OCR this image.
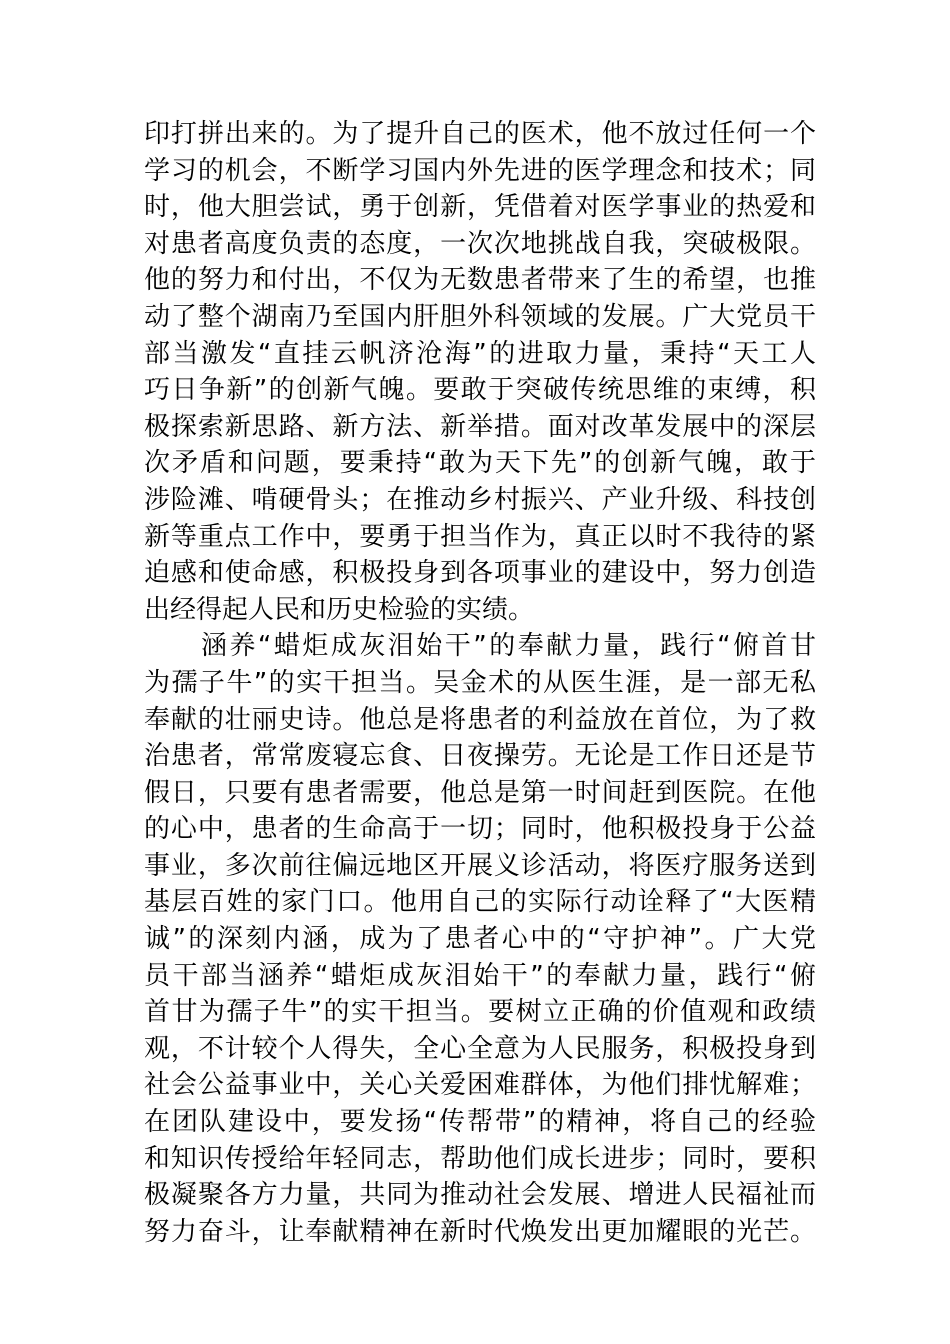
印打拼出来的。为了提升自己的医术，他不放过任何一个
学习的机会，不断学习国内外先进的医学理念和技术；同
时，他大胆尝试，勇于创新，凭借着对医学事业的热爱和
对患者高度负责的态度，一次次地挑战自我，突破极限。
他的努力和付出，不仅为无数患者带来了生的希望，也推
动了整个湖南乃至国内肝胆外科领域的发展。广大党员干
部当激发“直挂云帆济沧海”的进取力量，秉持“天工人
巧日争新”的创新气魄。要敢于突破传统思维的束缚，积
极探索新思路、新方法、新举措。面对改革发展中的深层
次矛盾和问题，要秉持“敢为天下先”的创新气魄，敢于
涉险滩、啃硬骨头；在推动乡村振兴、产业升级、科技创
新等重点工作中，要勇于担当作为，真正以时不我待的紧
迫感和使命感，积极投身到各项事业的建设中，努力创造
出经得起人民和历史检验的实绩。
　　涵养“蜡炬成灰泪始干”的奉献力量，践行“俯首甘
为孺子牛”的实干担当。吴金术的从医生涯，是一部无私
奉献的壮丽史诗。他总是将患者的利益放在首位，为了救
治患者，常常废寝忘食、日夜操劳。无论是工作日还是节
假日，只要有患者需要，他总是第一时间赶到医院。在他
的心中，患者的生命高于一切；同时，他积极投身于公益
事业，多次前往偏远地区开展义诊活动，将医疗服务送到
基层百姓的家门口。他用自己的实际行动诠释了“大医精
诚”的深刻内涵，成为了患者心中的“守护神”。广大党
员干部当涵养“蜡炬成灰泪始干”的奉献力量，践行“俯
首甘为孺子牛”的实干担当。要树立正确的价值观和政绩
观，不计较个人得失，全心全意为人民服务，积极投身到
社会公益事业中，关心关爱困难群体，为他们排忧解难；
在团队建设中，要发扬“传帮带”的精神，将自己的经验
和知识传授给年轻同志，帮助他们成长进步；同时，要积
极凝聚各方力量，共同为推动社会发展、增进人民福祉而
努力奋斗，让奉献精神在新时代焕发出更加耀眼的光芒。
